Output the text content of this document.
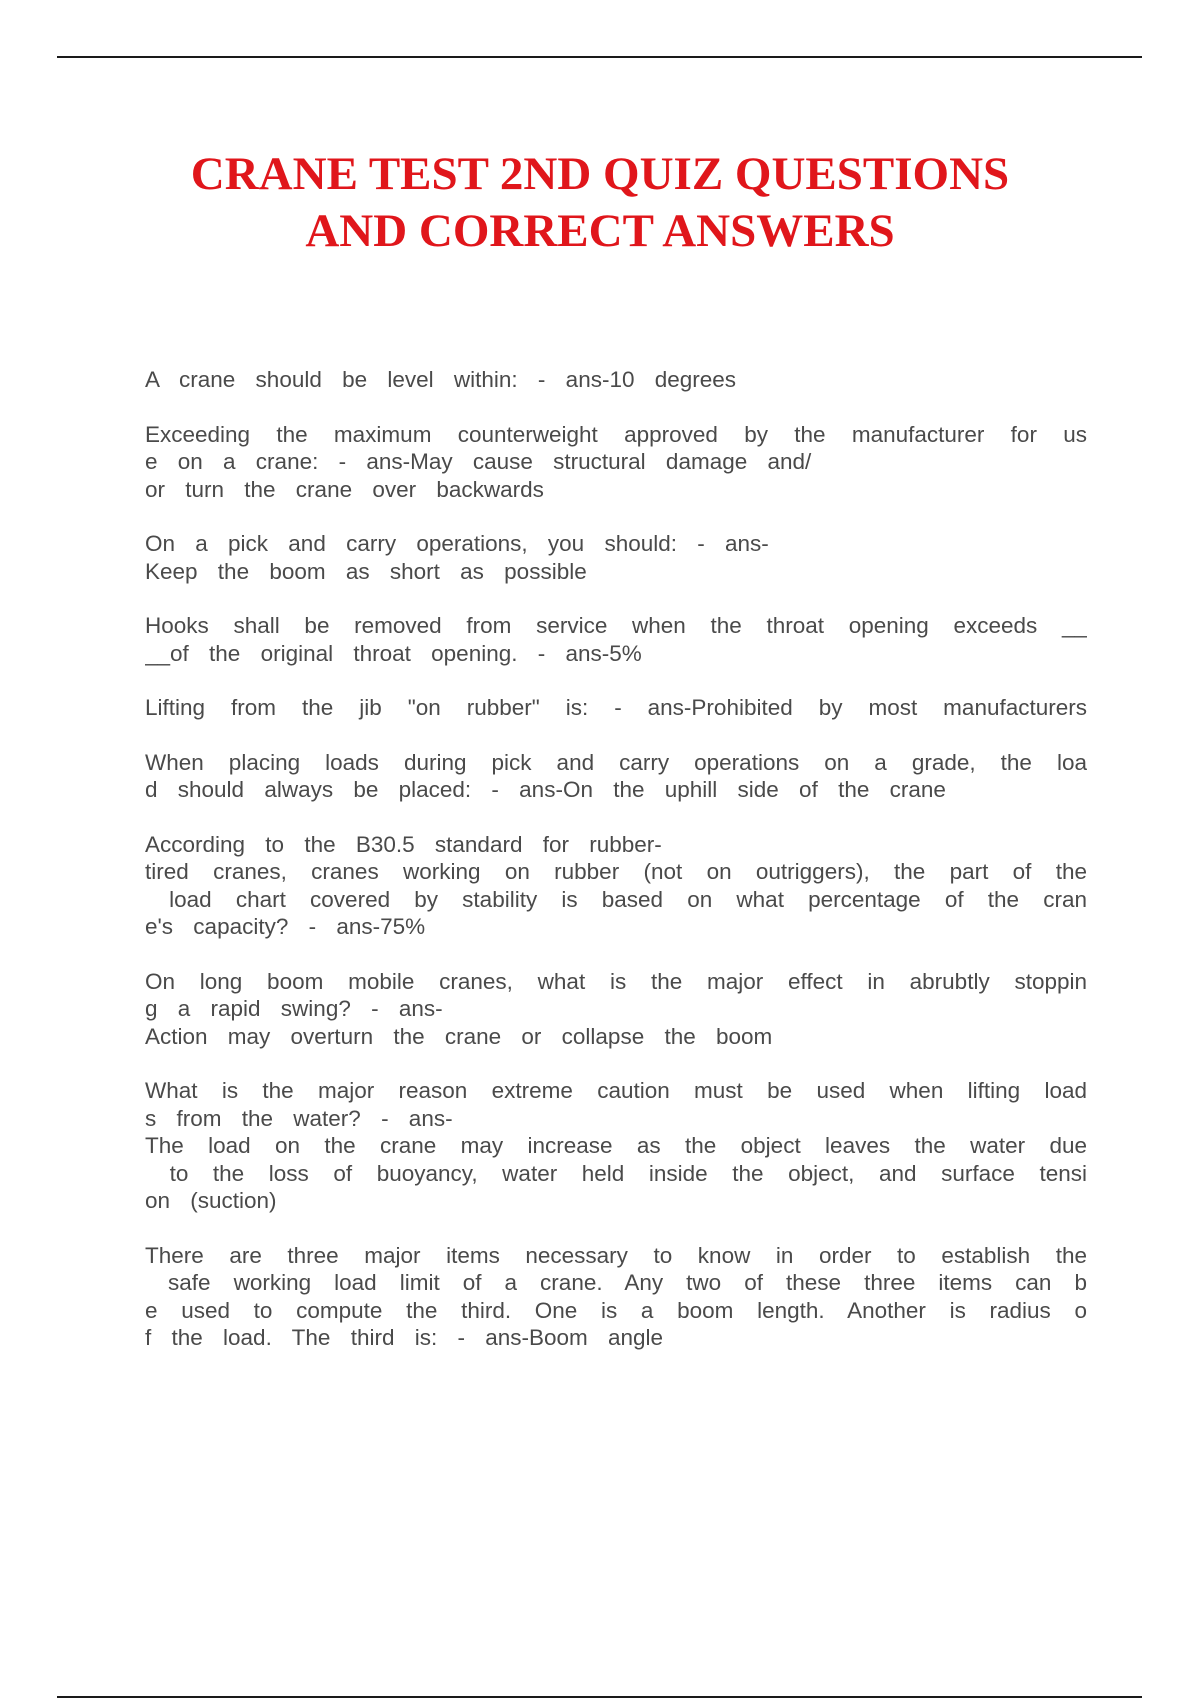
CRANE TEST 2ND QUIZ QUESTIONS
AND CORRECT ANSWERS
A crane should be level within: - ans-10 degrees
Exceeding the maximum counterweight approved by the manufacturer for us
e on a crane: - ans-May cause structural damage and/
or turn the crane over backwards
On a pick and carry operations, you should: - ans-
Keep the boom as short as possible
Hooks shall be removed from service when the throat opening exceeds __
__of the original throat opening. - ans-5%
Lifting from the jib "on rubber" is: - ans-Prohibited by most manufacturers
When placing loads during pick and carry operations on a grade, the loa
d should always be placed: - ans-On the uphill side of the crane
According to the B30.5 standard for rubber-
tired cranes, cranes working on rubber (not on outriggers), the part of the
load chart covered by stability is based on what percentage of the cran
e's capacity? - ans-75%
On long boom mobile cranes, what is the major effect in abrubtly stoppin
g a rapid swing? - ans-
Action may overturn the crane or collapse the boom
What is the major reason extreme caution must be used when lifting load
s from the water? - ans-
The load on the crane may increase as the object leaves the water due
to the loss of buoyancy, water held inside the object, and surface tensi
on (suction)
There are three major items necessary to know in order to establish the
safe working load limit of a crane. Any two of these three items can b
e used to compute the third. One is a boom length. Another is radius o
f the load. The third is: - ans-Boom angle
